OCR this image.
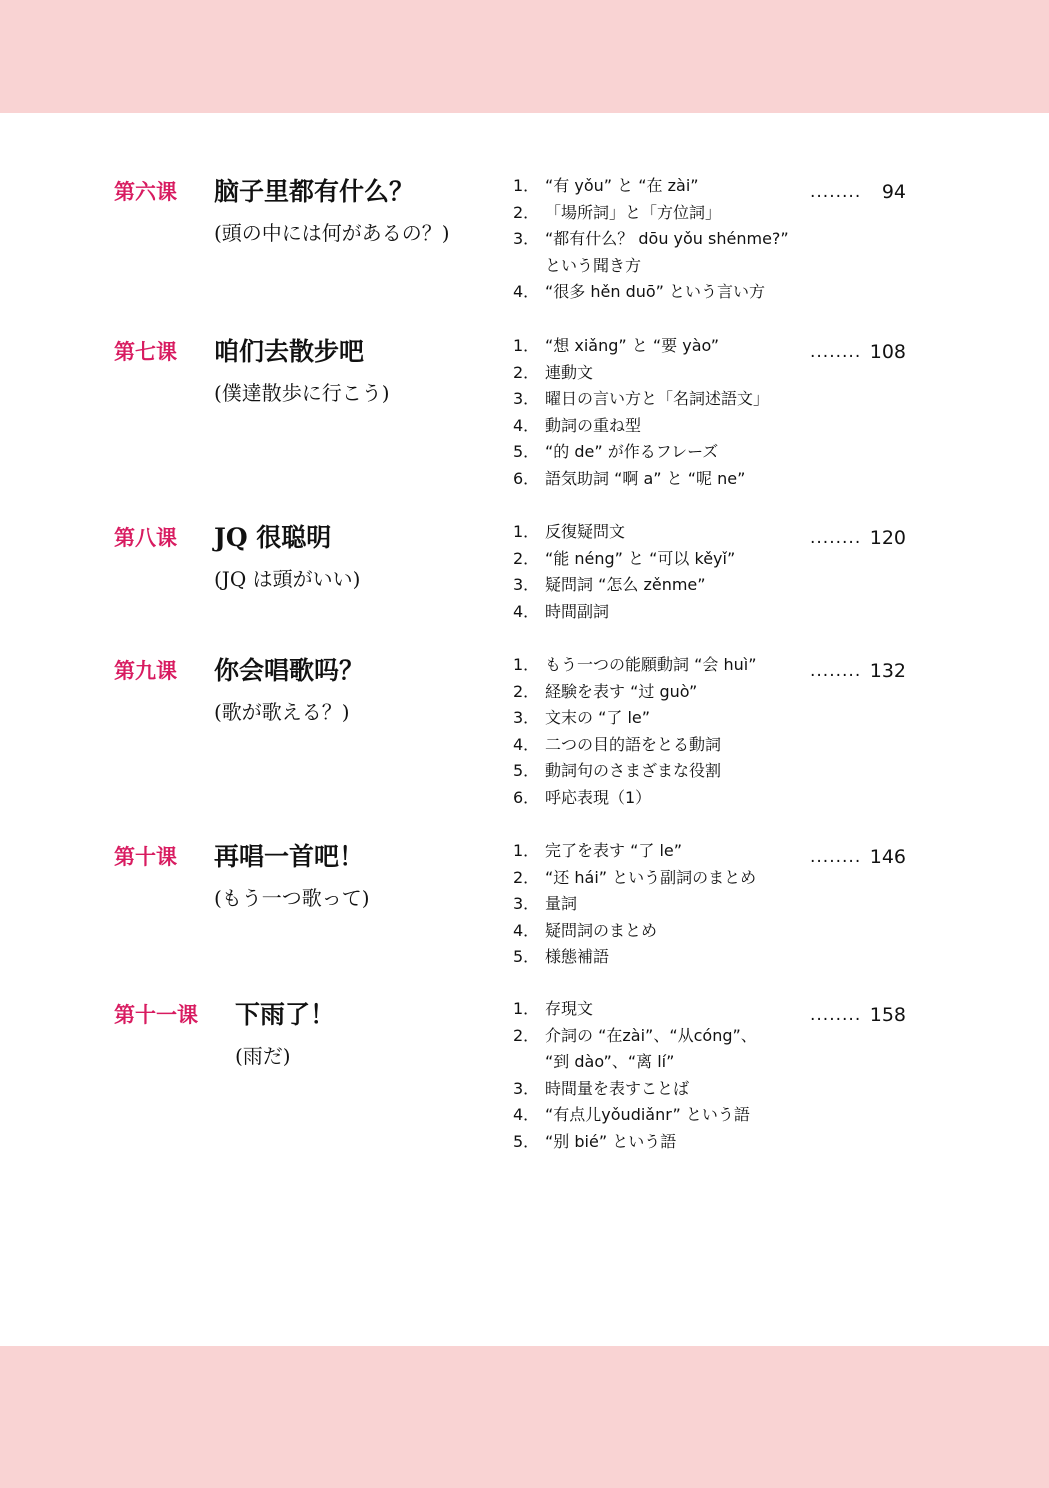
第六课 脑子里都有什么？
(頭の中には何があるの？)
1． “有 yǒu” と “在 zài”
2． 「場所詞」と「方位詞」
3． “都有什么？ dōu yǒu shénme?”
という聞き方
4． “很多 hěn duō” という言い方
........ 94
第七课 咱们去散步吧
(僕達散歩に行こう)
1． “想 xiǎng” と “要 yào”
2． 連動文
3． 曜日の言い方と「名詞述語文」
4． 動詞の重ね型
5． “的 de” が作るフレーズ
6． 語気助詞 “啊 a” と “呢 ne”
........ 108
第八课 JQ 很聪明
(JQ は頭がいい)
1． 反復疑問文
2． “能 néng” と “可以 kěyǐ”
3． 疑問詞 “怎么 zěnme”
4． 時間副詞
........ 120
第九课 你会唱歌吗？
(歌が歌える？)
1． もう一つの能願動詞 “会 huì”
2． 経験を表す “过 guò”
3． 文末の “了 le”
4． 二つの目的語をとる動詞
5． 動詞句のさまざまな役割
6． 呼応表現（1）
........ 132
第十课 再唱一首吧！
(もう一つ歌って)
1． 完了を表す “了 le”
2． “还 hái” という副詞のまとめ
3． 量詞
4． 疑問詞のまとめ
5． 様態補語
........ 146
第十一课 下雨了！
(雨だ)
1． 存現文
2． 介詞の “在zài”、“从cóng”、
“到 dào”、“离 lí”
3． 時間量を表すことば
4． “有点儿yǒudiǎnr” という語
5． “别 bié” という語
........ 158
